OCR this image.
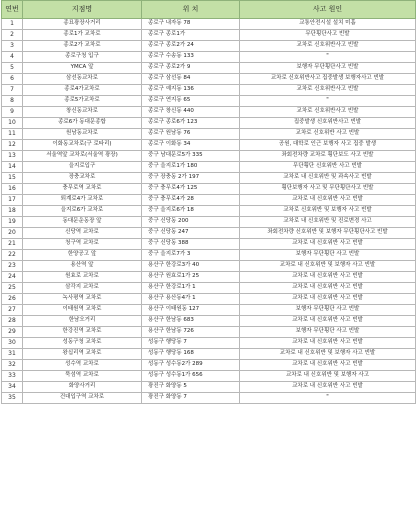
연번	지점명	위 치	사고 원인
1	종묘광장사거리	종로구 내자동 78	교통안전시설 설치 미흡
2	종로1가 교차로	종로구 종로1가	무단횡단사고 빈발
3	종로2가 교차로	종로구 종로2가 24	교차로 신호위반사고 빈발
4	종로구청 입구	종로구 수송동 133	"
5	YMCA 앞	종로구 종로2가 9	보행자 무단횡단사고 빈발
6	삼선동교차로	종로구 삼선동 84	교차로 신호위반사고 집중발생 보행자사고 빈발
7	종로4가교차로	종로구 예지동 136	교차로 신호위반사고 빈발
8	종로5가교차로	종로구 연지동 65	"
9	창신동교차로	종로구 창신동 440	교차로 신호위반사고 빈발
10	종로6가 동대문종합	종로구 종로6가 123	집중발생 신호위반사고 빈발
11	원남동교차로	종로구 원남동 76	교차로 신호위반 사고 빈발
12	이화동교차로(구 로타리)	종로구 이화동 34	공원, 대학로 인근 보행자 사고 집중 발생
13	서울역앞 교차로(서울역 광장)	중구 남대문로5가 335	좌회전차량 교차로 횡단보도 사고 빈발
14	을지로입구	중구 을지로1가 180	무단횡단 신호위반 사고 빈발
15	장충교차로	중구 장충동 2가 197	교차로 내 신호위반 및 과속사고 빈발
16	충무로역 교차로	중구 충무로4가 125	횡단보행자 사고 및 무단횡단사고 빈발
17	퇴계로4가 교차로	중구 충무로4가 28	교차로 내 신호위반 사고 빈발
18	을지로6가 교차로	중구 을지로6가 18	교차로 신호위반 및 보행자 사고 빈발
19	동대문운동장 앞	중구 신당동 200	교차로 내 신호위반 및 진로변경 사고
20	신당역 교차로	중구 신당동 247	좌회전차량 신호위반 및 보행자 무단횡단사고 빈발
21	청구역 교차로	중구 신당동 388	교차로 내 신호위반 사고 빈발
22	한양공고 앞	중구 을지로7가 3	보행자 무단횡단 사고 빈발
23	용산역 앞	용산구 한강로3가 40	교차로 내 신호위반 및 보행자 사고 빈발
24	원효로 교차로	용산구 원효로1가 25	교차로 내 신호위반 사고 빈발
25	삼각지 교차로	용산구 한강로1가 1	교차로 내 신호위반 사고 빈발
26	녹사평역 교차로	용산구 용산동4가 1	교차로 내 신호위반 사고 빈발
27	이태원역 교차로	용산구 이태원동 127	보행자 무단횡단 사고 빈발
28	한남오거리	용산구 한남동 683	교차로 내 신호위반 사고 빈발
29	한강진역 교차로	용산구 한남동 726	보행자 무단횡단 사고 빈발
30	성동구청 교차로	성동구 행당동 7	교차로 내 신호위반 사고 빈발
31	왕십리역 교차로	성동구 행당동 168	교차로 내 신호위반 및 보행자 사고 빈발
32	성수역 교차로	성동구 성수동2가 289	교차로 내 신호위반 사고 빈발
33	뚝섬역 교차로	성동구 성수동1가 656	교차로 내 신호위반 및 보행자 사고
34	화양사거리	광진구 화양동 5	교차로 내 신호위반 사고 빈발
35	건대입구역 교차로	광진구 화양동 7	"
